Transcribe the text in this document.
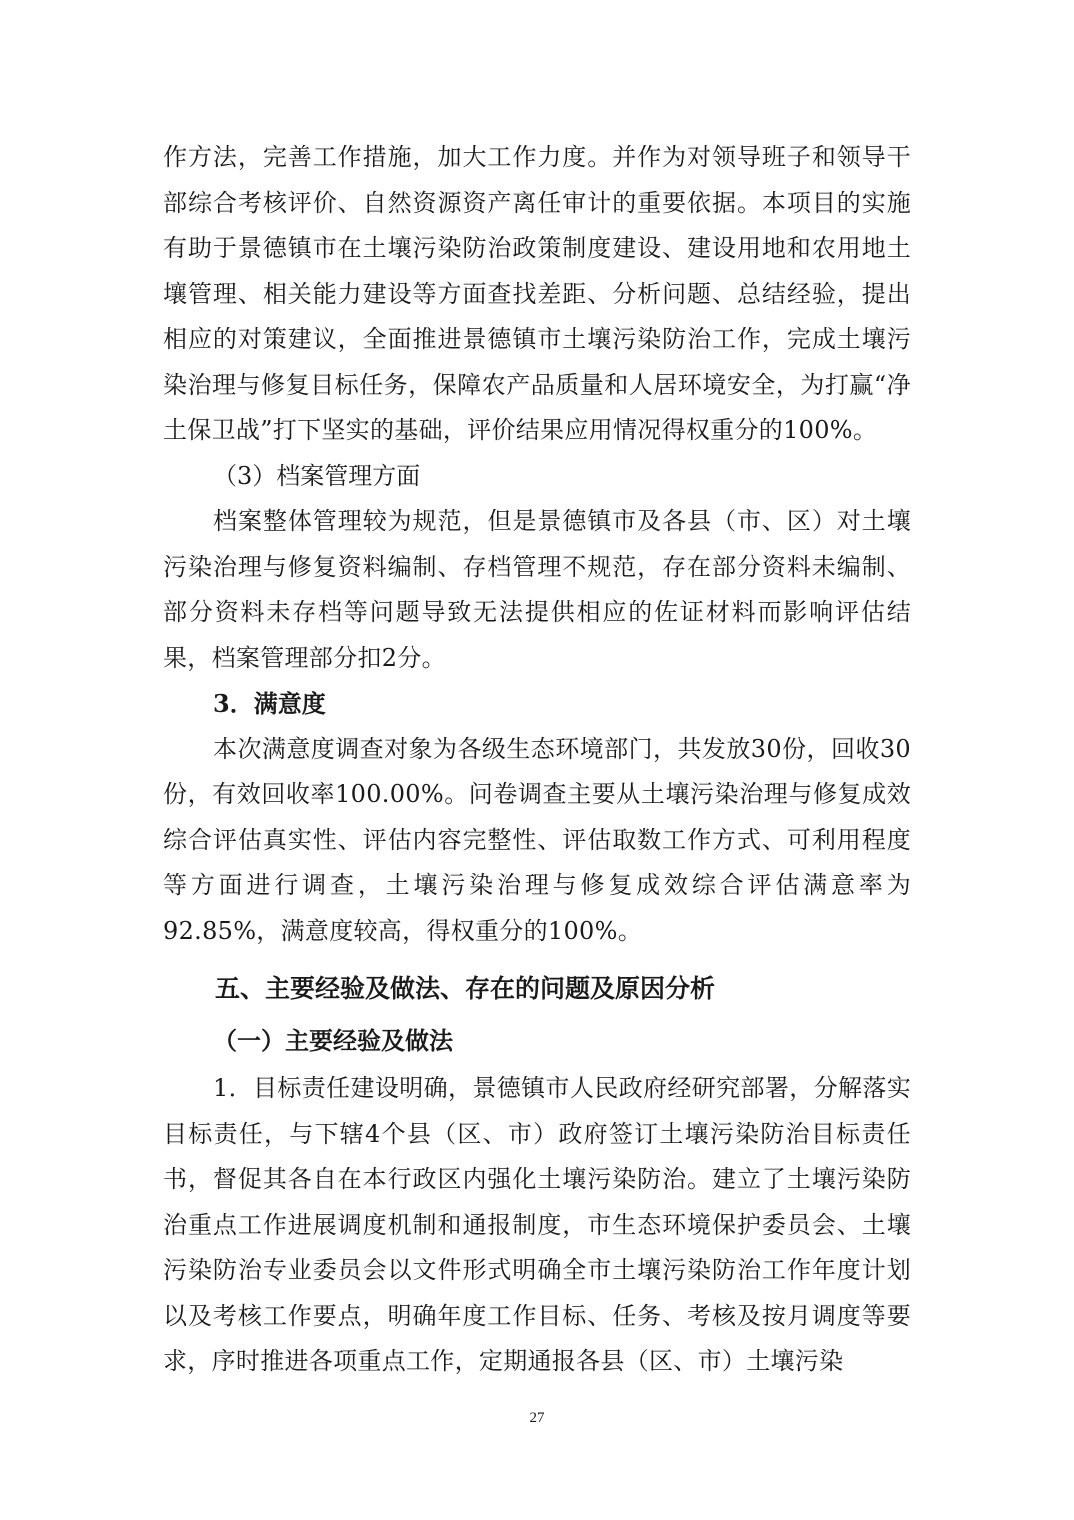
作方法，完善工作措施，加大工作力度。并作为对领导班子和领导干部综合考核评价、自然资源资产离任审计的重要依据。本项目的实施有助于景德镇市在土壤污染防治政策制度建设、建设用地和农用地土壤管理、相关能力建设等方面查找差距、分析问题、总结经验，提出相应的对策建议，全面推进景德镇市土壤污染防治工作，完成土壤污染治理与修复目标任务，保障农产品质量和人居环境安全，为打赢“净土保卫战”打下坚实的基础，评价结果应用情况得权重分的100%。

（3）档案管理方面

档案整体管理较为规范，但是景德镇市及各县（市、区）对土壤污染治理与修复资料编制、存档管理不规范，存在部分资料未编制、部分资料未存档等问题导致无法提供相应的佐证材料而影响评估结果，档案管理部分扣2分。

3．满意度

本次满意度调查对象为各级生态环境部门，共发放30份，回收30份，有效回收率100.00%。问卷调查主要从土壤污染治理与修复成效综合评估真实性、评估内容完整性、评估取数工作方式、可利用程度等方面进行调查，土壤污染治理与修复成效综合评估满意率为92.85%，满意度较高，得权重分的100%。

五、主要经验及做法、存在的问题及原因分析
（一）主要经验及做法

1．目标责任建设明确，景德镇市人民政府经研究部署，分解落实目标责任，与下辖4个县（区、市）政府签订土壤污染防治目标责任书，督促其各自在本行政区内强化土壤污染防治。建立了土壤污染防治重点工作进展调度机制和通报制度，市生态环境保护委员会、土壤污染防治专业委员会以文件形式明确全市土壤污染防治工作年度计划以及考核工作要点，明确年度工作目标、任务、考核及按月调度等要求，序时推进各项重点工作，定期通报各县（区、市）土壤污染

27
